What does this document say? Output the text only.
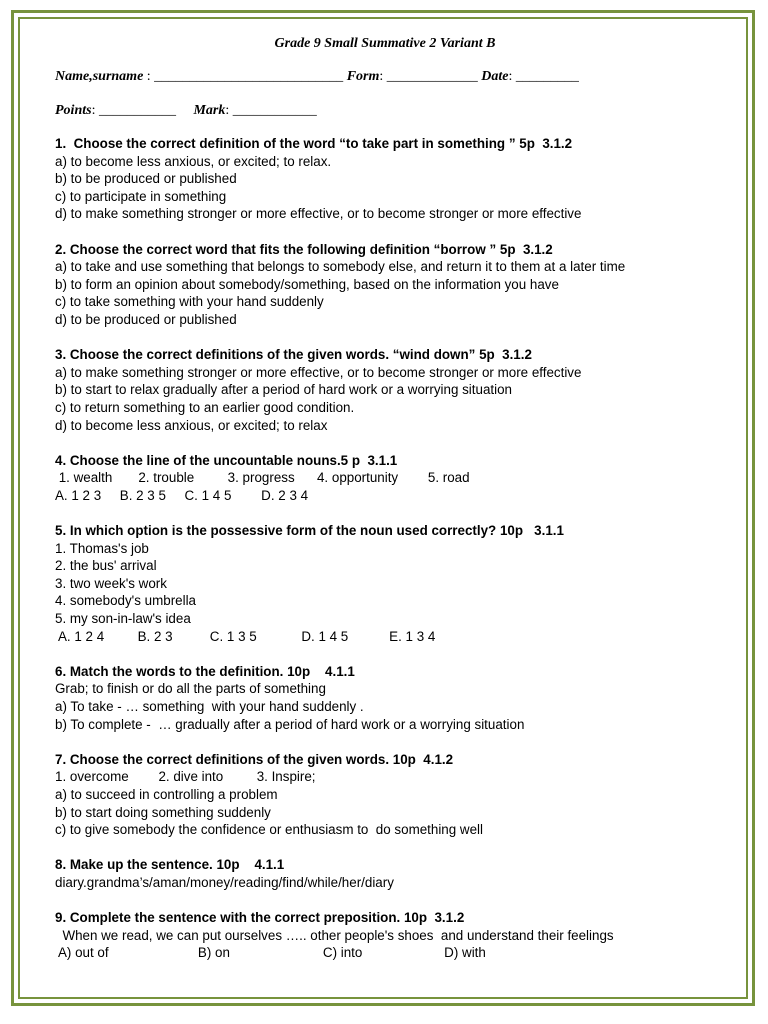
Grade 9 Small Summative 2 Variant B
Name,surname : ___________________________ Form: _____________ Date: _________
Points: ___________     Mark: ____________
1.  Choose the correct definition of the word “to take part in something ” 5p  3.1.2
a) to become less anxious, or excited; to relax.
b) to be produced or published
c) to participate in something
d) to make something stronger or more effective, or to become stronger or more effective
2. Choose the correct word that fits the following definition “borrow ” 5p  3.1.2
a) to take and use something that belongs to somebody else, and return it to them at a later time
b) to form an opinion about somebody/something, based on the information you have
c) to take something with your hand suddenly
d) to be produced or published
3. Choose the correct definitions of the given words. “wind down” 5p  3.1.2
a) to make something stronger or more effective, or to become stronger or more effective
b) to start to relax gradually after a period of hard work or a worrying situation
c) to return something to an earlier good condition.
d) to become less anxious, or excited; to relax
4. Choose the line of the uncountable nouns.5 p  3.1.1
1. wealth       2. trouble         3. progress      4. opportunity        5. road
A. 1 2 3     B. 2 3 5     C. 1 4 5        D. 2 3 4
5. In which option is the possessive form of the noun used correctly? 10p   3.1.1
1. Thomas's job
2. the bus' arrival
3. two week's work
4. somebody's umbrella
5. my son-in-law's idea
A. 1 2 4         B. 2 3          C. 1 3 5            D. 1 4 5           E. 1 3 4
6. Match the words to the definition. 10p    4.1.1
Grab; to finish or do all the parts of something
a) To take - … something  with your hand suddenly .
b) To complete -  … gradually after a period of hard work or a worrying situation
7. Choose the correct definitions of the given words. 10p  4.1.2
1. overcome        2. dive into         3. Inspire;
a) to succeed in controlling a problem
b) to start doing something suddenly
c) to give somebody the confidence or enthusiasm to  do something well
8. Make up the sentence. 10p    4.1.1
diary.grandma’s/aman/money/reading/find/while/her/diary
9. Complete the sentence with the correct preposition. 10p  3.1.2
When we read, we can put ourselves ….. other people's shoes  and understand their feelings
A) out of                        B) on                         C) into                      D) with
